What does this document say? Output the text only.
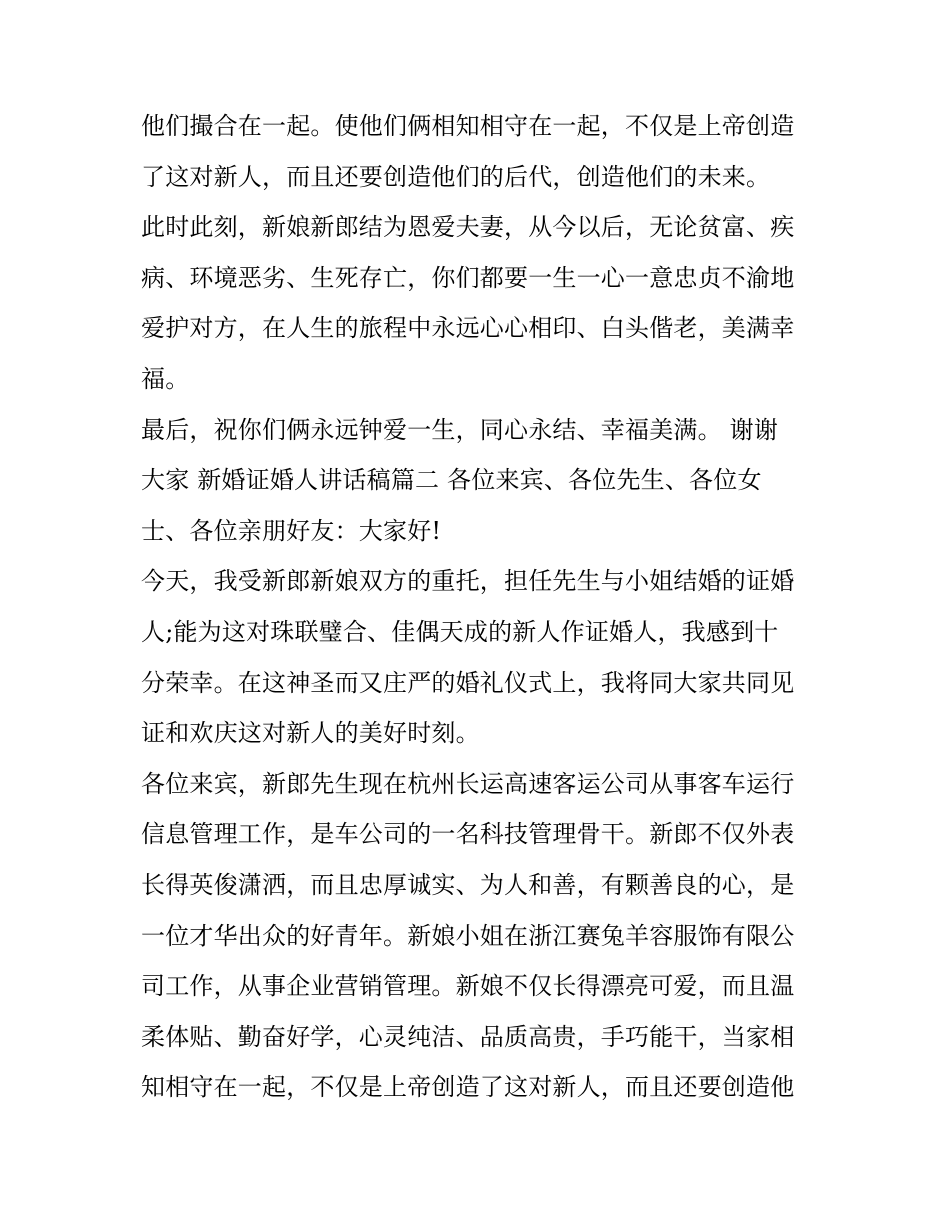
他们撮合在一起。使他们俩相知相守在一起，不仅是上帝创造
了这对新人，而且还要创造他们的后代，创造他们的未来。
此时此刻，新娘新郎结为恩爱夫妻，从今以后，无论贫富、疾
病、环境恶劣、生死存亡，你们都要一生一心一意忠贞不渝地
爱护对方，在人生的旅程中永远心心相印、白头偕老，美满幸
福。
最后，祝你们俩永远钟爱一生，同心永结、幸福美满。 谢谢
大家 新婚证婚人讲话稿篇二 各位来宾、各位先生、各位女
士、各位亲朋好友：大家好!
今天，我受新郎新娘双方的重托，担任先生与小姐结婚的证婚
人;能为这对珠联璧合、佳偶天成的新人作证婚人，我感到十
分荣幸。在这神圣而又庄严的婚礼仪式上，我将同大家共同见
证和欢庆这对新人的美好时刻。
各位来宾，新郎先生现在杭州长运高速客运公司从事客车运行
信息管理工作，是车公司的一名科技管理骨干。新郎不仅外表
长得英俊潇洒，而且忠厚诚实、为人和善，有颗善良的心，是
一位才华出众的好青年。新娘小姐在浙江赛兔羊容服饰有限公
司工作，从事企业营销管理。新娘不仅长得漂亮可爱，而且温
柔体贴、勤奋好学，心灵纯洁、品质高贵，手巧能干，当家相
知相守在一起，不仅是上帝创造了这对新人，而且还要创造他
